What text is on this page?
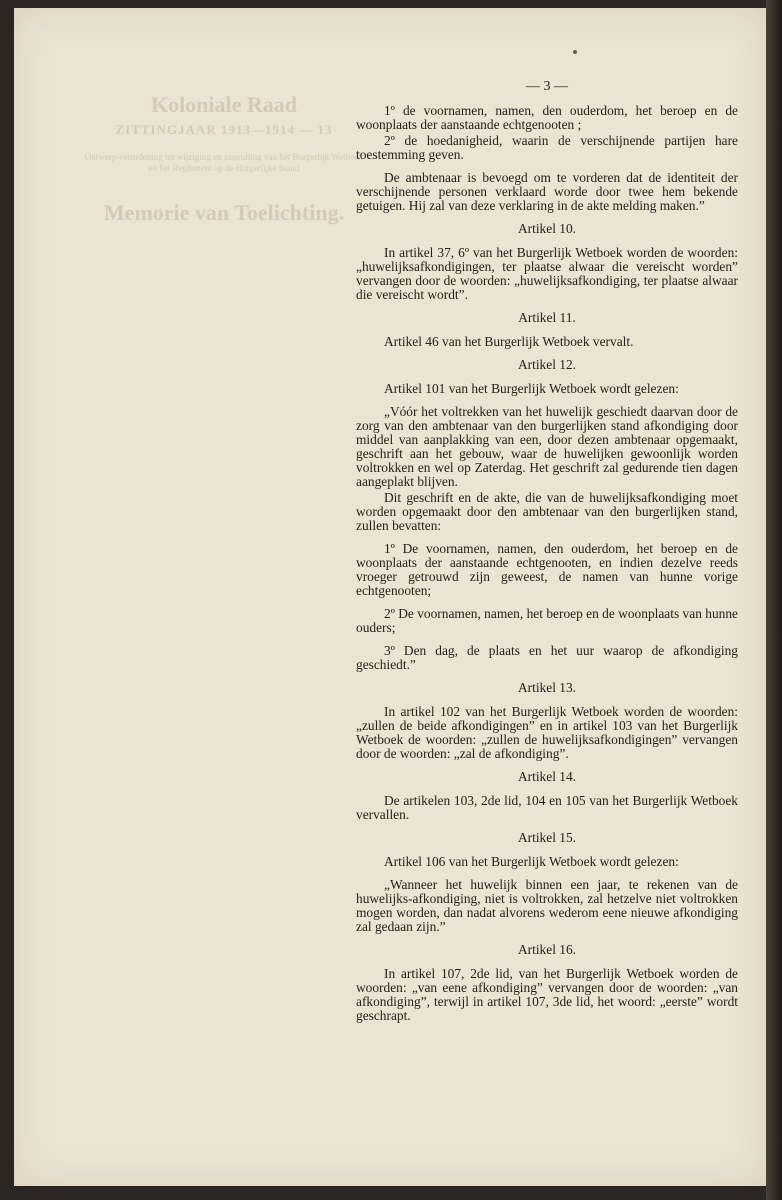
Koloniale Raad
ZITTINGJAAR 1913—1914 — 13
Ontwerp-verordening tot wijziging en aanvulling van het Burgerlijk Wetboek en het Reglement op de Burgerlijke Stand
Memorie van Toelichting.
— 3 —

1º de voornamen, namen, den ouderdom, het beroep en de woonplaats der aanstaande echtgenooten ;

2º de hoedanigheid, waarin de verschijnende partijen hare toestemming geven.

De ambtenaar is bevoegd om te vorderen dat de identiteit der verschijnende personen verklaard worde door twee hem bekende getuigen. Hij zal van deze verklaring in de akte melding maken.”

Artikel 10.

In artikel 37, 6º van het Burgerlijk Wetboek worden de woorden: „huwelijksafkondigingen, ter plaatse alwaar die vereischt worden” vervangen door de woorden: „huwelijksafkondiging, ter plaatse alwaar die vereischt wordt”.

Artikel 11.

Artikel 46 van het Burgerlijk Wetboek vervalt.

Artikel 12.

Artikel 101 van het Burgerlijk Wetboek wordt gelezen:

„Vóór het voltrekken van het huwelijk geschiedt daarvan door de zorg van den ambtenaar van den burgerlijken stand afkondiging door middel van aanplakking van een, door dezen ambtenaar opgemaakt, geschrift aan het gebouw, waar de huwelijken gewoonlijk worden voltrokken en wel op Zaterdag. Het geschrift zal gedurende tien dagen aangeplakt blijven.

Dit geschrift en de akte, die van de huwelijksafkondiging moet worden opgemaakt door den ambtenaar van den burgerlijken stand, zullen bevatten:

1º De voornamen, namen, den ouderdom, het beroep en de woonplaats der aanstaande echtgenooten, en indien dezelve reeds vroeger getrouwd zijn geweest, de namen van hunne vorige echtgenooten;

2º De voornamen, namen, het beroep en de woonplaats van hunne ouders;

3º Den dag, de plaats en het uur waarop de afkondiging geschiedt.”

Artikel 13.

In artikel 102 van het Burgerlijk Wetboek worden de woorden: „zullen de beide afkondigingen” en in artikel 103 van het Burgerlijk Wetboek de woorden: „zullen de huwelijksafkondigingen” vervangen door de woorden: „zal de afkondiging”.

Artikel 14.

De artikelen 103, 2de lid, 104 en 105 van het Burgerlijk Wetboek vervallen.

Artikel 15.

Artikel 106 van het Burgerlijk Wetboek wordt gelezen:

„Wanneer het huwelijk binnen een jaar, te rekenen van de huwelijks-afkondiging, niet is voltrokken, zal hetzelve niet voltrokken mogen worden, dan nadat alvorens wederom eene nieuwe afkondiging zal gedaan zijn.”

Artikel 16.

In artikel 107, 2de lid, van het Burgerlijk Wetboek worden de woorden: „van eene afkondiging” vervangen door de woorden: „van afkondiging”, terwijl in artikel 107, 3de lid, het woord: „eerste” wordt geschrapt.
